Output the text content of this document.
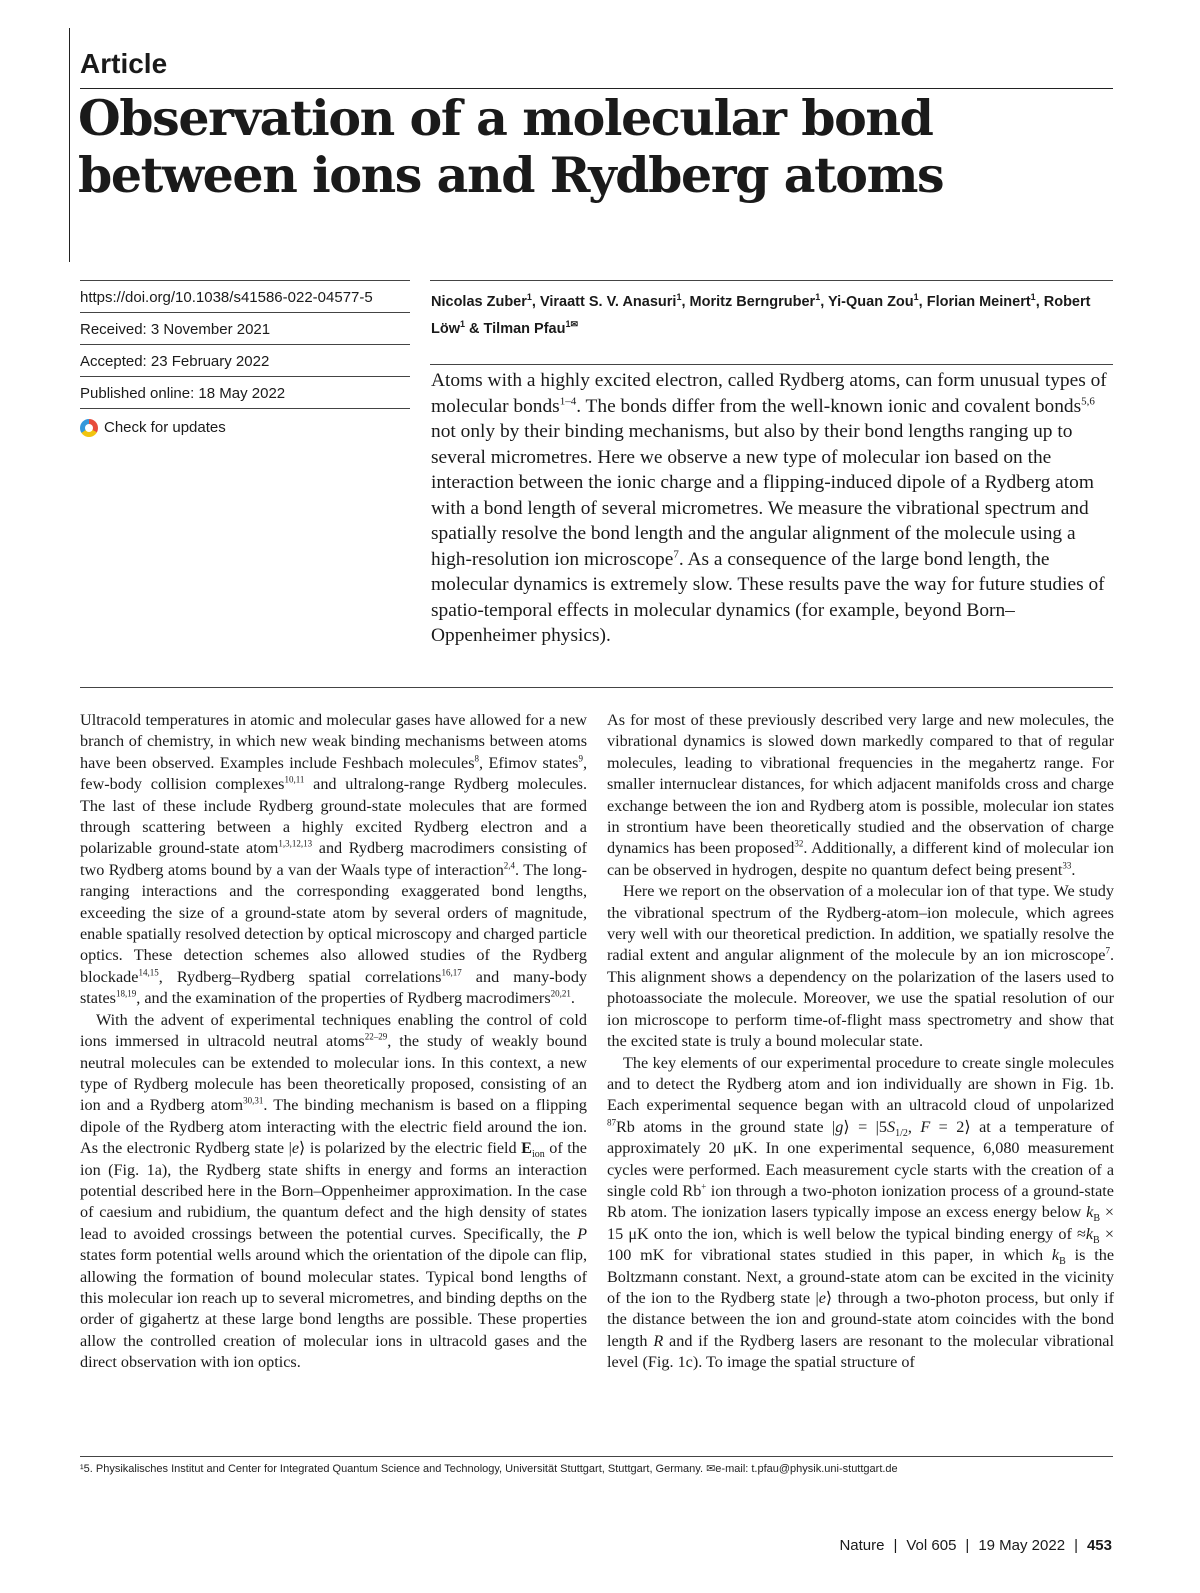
Article
Observation of a molecular bond between ions and Rydberg atoms
https://doi.org/10.1038/s41586-022-04577-5
Received: 3 November 2021
Accepted: 23 February 2022
Published online: 18 May 2022
Check for updates
Nicolas Zuber$^1$, Viraatt S. V. Anasuri$^1$, Moritz Berngruber$^1$, Yi-Quan Zou$^1$, Florian Meinert$^1$, Robert Löw$^1$ & Tilman Pfau$^{1✉}$

Atoms with a highly excited electron, called Rydberg atoms, can form unusual types of molecular bonds$^{1-4}$. The bonds differ from the well-known ionic and covalent bonds$^{5,6}$ not only by their binding mechanisms, but also by their bond lengths ranging up to several micrometres. Here we observe a new type of molecular ion based on the interaction between the ionic charge and a flipping-induced dipole of a Rydberg atom with a bond length of several micrometres. We measure the vibrational spectrum and spatially resolve the bond length and the angular alignment of the molecule using a high-resolution ion microscope$^7$. As a consequence of the large bond length, the molecular dynamics is extremely slow. These results pave the way for future studies of spatio-temporal effects in molecular dynamics (for example, beyond Born–Oppenheimer physics).

Ultracold temperatures in atomic and molecular gases have allowed for a new branch of chemistry, in which new weak binding mechanisms between atoms have been observed. Examples include Feshbach molecules$^8$, Efimov states$^9$, few-body collision complexes$^{10,11}$ and ultralong-range Rydberg molecules. The last of these include Rydberg ground-state molecules that are formed through scattering between a highly excited Rydberg electron and a polarizable ground-state atom$^{1,3,12,13}$ and Rydberg macrodimers consisting of two Rydberg atoms bound by a van der Waals type of interaction$^{2,4}$. The long-ranging interactions and the corresponding exaggerated bond lengths, exceeding the size of a ground-state atom by several orders of magnitude, enable spatially resolved detection by optical microscopy and charged particle optics. These detection schemes also allowed studies of the Rydberg blockade$^{14,15}$, Rydberg–Rydberg spatial correlations$^{16,17}$ and many-body states$^{18,19}$, and the examination of the properties of Rydberg macrodimers$^{20,21}$.

With the advent of experimental techniques enabling the control of cold ions immersed in ultracold neutral atoms$^{22-29}$, the study of weakly bound neutral molecules can be extended to molecular ions. In this context, a new type of Rydberg molecule has been theoretically proposed, consisting of an ion and a Rydberg atom$^{30,31}$. The binding mechanism is based on a flipping dipole of the Rydberg atom interacting with the electric field around the ion. As the electronic Rydberg state |e⟩ is polarized by the electric field $E_{ion}$ of the ion (Fig. 1a), the Rydberg state shifts in energy and forms an interaction potential described here in the Born–Oppenheimer approximation. In the case of caesium and rubidium, the quantum defect and the high density of states lead to avoided crossings between the potential curves. Specifically, the P states form potential wells around which the orientation of the dipole can flip, allowing the formation of bound molecular states. Typical bond lengths of this molecular ion reach up to several micrometres, and binding depths on the order of gigahertz at these large bond lengths are possible. These properties allow the controlled creation of molecular ions in ultracold gases and the direct observation with ion optics.

As for most of these previously described very large and new molecules, the vibrational dynamics is slowed down markedly compared to that of regular molecules, leading to vibrational frequencies in the megahertz range. For smaller internuclear distances, for which adjacent manifolds cross and charge exchange between the ion and Rydberg atom is possible, molecular ion states in strontium have been theoretically studied and the observation of charge dynamics has been proposed$^{32}$. Additionally, a different kind of molecular ion can be observed in hydrogen, despite no quantum defect being present$^{33}$.

Here we report on the observation of a molecular ion of that type. We study the vibrational spectrum of the Rydberg-atom–ion molecule, which agrees very well with our theoretical prediction. In addition, we spatially resolve the radial extent and angular alignment of the molecule by an ion microscope$^7$. This alignment shows a dependency on the polarization of the lasers used to photoassociate the molecule. Moreover, we use the spatial resolution of our ion microscope to perform time-of-flight mass spectrometry and show that the excited state is truly a bound molecular state.

The key elements of our experimental procedure to create single molecules and to detect the Rydberg atom and ion individually are shown in Fig. 1b. Each experimental sequence began with an ultracold cloud of unpolarized $^{87}$Rb atoms in the ground state |g⟩ = $|5S_{1/2}$, F = 2⟩ at a temperature of approximately 20 μK. In one experimental sequence, 6,080 measurement cycles were performed. Each measurement cycle starts with the creation of a single cold Rb+ ion through a two-photon ionization process of a ground-state Rb atom. The ionization lasers typically impose an excess energy below $k_B \times 15$ μK onto the ion, which is well below the typical binding energy of $\approx k_B \times 100$ mK for vibrational states studied in this paper, in which $k_B$ is the Boltzmann constant. Next, a ground-state atom can be excited in the vicinity of the ion to the Rydberg state |e⟩ through a two-photon process, but only if the distance between the ion and ground-state atom coincides with the bond length R and if the Rydberg lasers are resonant to the molecular vibrational level (Fig. 1c). To image the spatial structure of

¹5. Physikalisches Institut and Center for Integrated Quantum Science and Technology, Universität Stuttgart, Stuttgart, Germany. ✉e-mail: t.pfau@physik.uni-stuttgart.de
Nature | Vol 605 | 19 May 2022 | 453
